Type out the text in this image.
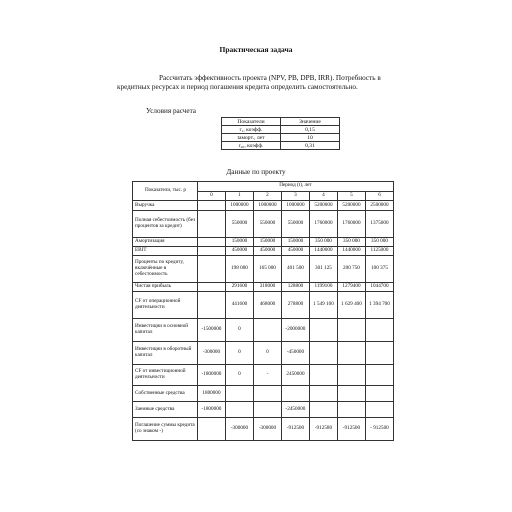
Практическая задача
Рассчитать эффективность проекта (NPV, PB, DPB, IRR). Потребность в
кредитных ресурсах и период погашения кредита определить самостоятельно.
Условия расчета
Показатели	Значение
r₁, коэфф.	0,15
tамopт., лет	10
r₂₀, коэфф.	0,31
Данные по проекту
Показатели, тыс. р	Период (t), лет						
	0	1	2	3	4	5	6
Выручка		1000000	1000000	1000000	5200000	5200000	2500000
Полная себестоимость (без процентов за кредит)		550000	550000	550000	1760000	1760000	1375000
Амортизация		150000	150000	150000	350 000	350 000	350 000
EBIT		450000	450000	450000	1440000	1440000	1125000
Проценты по кредиту, включённые в себестоимость		198 000	165 000	401 500	301 125	200 750	100 375
Чистая прибыль		291600	318000	128800	1199100	1279400	1044700
CF от операционной деятельности		441600	468000	278800	1 549 100	1 629 400	1 394 700
Инвестиции в основной капитал	-1500000	0		-2000000			
Инвестиции в оборотный капитал	-300000	0	0	-450000			
CF от инвестиционной деятельности	-1800000	0	-	2450000			
Собственные средства	1800000						
Заемные средства	-1800000			-2450000			
Погашение суммы кредита (со знаком -)		-300000	-300000	-912500	-912580	-912500	- 912500
